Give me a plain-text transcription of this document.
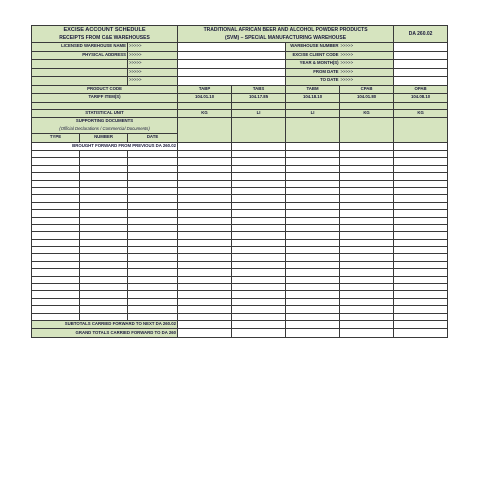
EXCISE ACCOUNT SCHEDULE			TRADITIONAL AFRICAN BEER AND ALCOHOL POWDER PRODUCTS				DA 260.02
RECEIPTS FROM C&E WAREHOUSES			(SVM) – SPECIAL MANUFACTURING WAREHOUSE				
LICENSED WAREHOUSE NAME		>>>>>			WAREHOUSE NUMBER	>>>>>	
PHYSICAL ADDRESS		>>>>>			EXCISE CLIENT CODE	>>>>>	
		>>>>>			YEAR & MONTH(S)	>>>>>	
		>>>>>			FROM DATE	>>>>>	
		>>>>>			TO DATE	>>>>>	
PRODUCT CODE			TABP	TABS	TABM	CPAB	OPAB
TARIFF ITEM(S)			104.01.10	104.17.85	104.18.10	104.01.80	104.08.10

STATISTICAL UNIT			KG	LI	LI	KG	KG
SUPPORTING DOCUMENTS							
(Official Declarations / Commercial Documents)							
TYPE	NUMBER	DATE					
BROUGHT FORWARD FROM PREVIOUS DA 260.02							

SUBTOTALS CARRIED FORWARD TO NEXT DA 260.02							
GRAND TOTALS CARRIED FORWARD TO DA 260							
